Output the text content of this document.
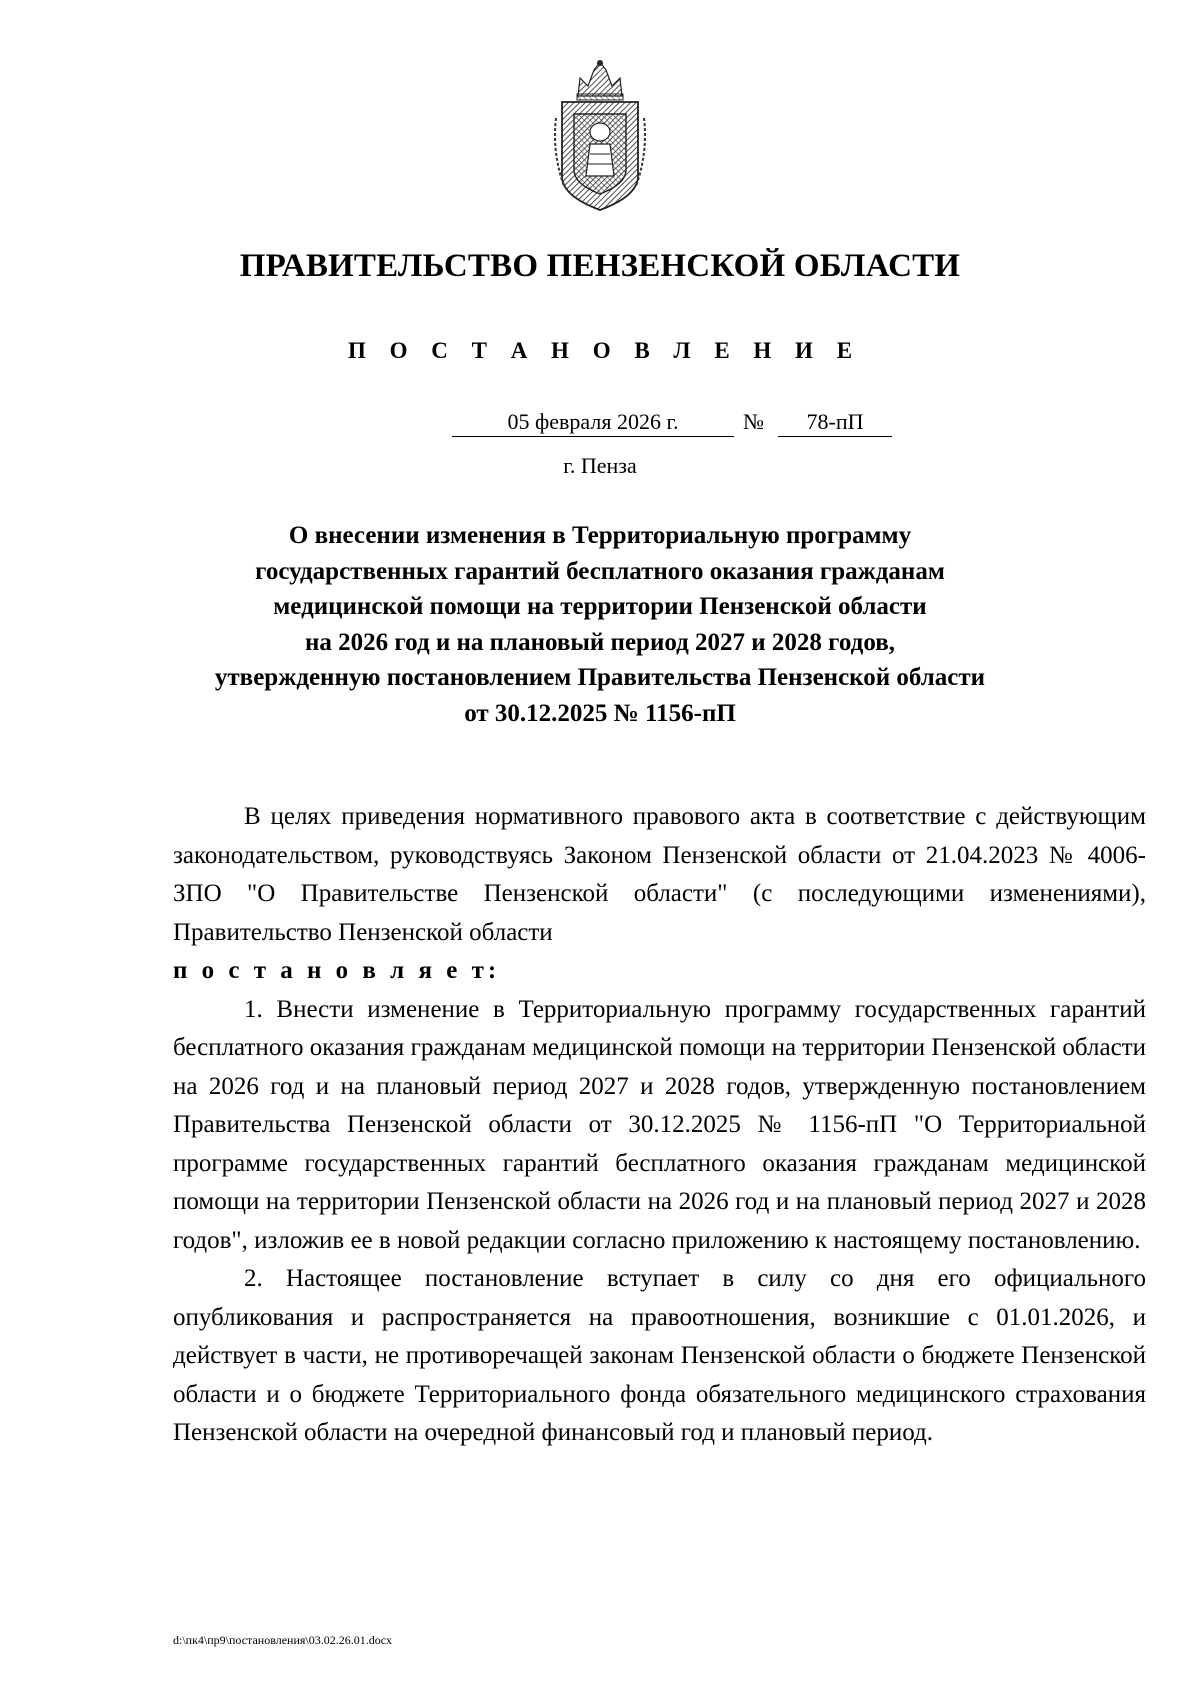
ПРАВИТЕЛЬСТВО ПЕНЗЕНСКОЙ ОБЛАСТИ
П О С Т А Н О В Л Е Н И Е
05 февраля 2026 г.	№	78-пП
г. Пенза
О внесении изменения в Территориальную программу
государственных гарантий бесплатного оказания гражданам
медицинской помощи на территории Пензенской области
на 2026 год и на плановый период 2027 и 2028 годов,
утвержденную постановлением Правительства Пензенской области
от 30.12.2025 № 1156-пП

В целях приведения нормативного правового акта в соответствие с действующим законодательством, руководствуясь Законом Пензенской области от 21.04.2023 № 4006-ЗПО "О Правительстве Пензенской области" (с последующими изменениями), Правительство Пензенской области

п о с т а н о в л я е т:

1. Внести изменение в Территориальную программу государственных гарантий бесплатного оказания гражданам медицинской помощи на территории Пензенской области на 2026 год и на плановый период 2027 и 2028 годов, утвержденную постановлением Правительства Пензенской области от 30.12.2025 № 1156-пП "О Территориальной программе государственных гарантий бесплатного оказания гражданам медицинской помощи на территории Пензенской области на 2026 год и на плановый период 2027 и 2028 годов", изложив ее в новой редакции согласно приложению к настоящему постановлению.

2. Настоящее постановление вступает в силу со дня его официального опубликования и распространяется на правоотношения, возникшие с 01.01.2026, и действует в части, не противоречащей законам Пензенской области о бюджете Пензенской области и о бюджете Территориального фонда обязательного медицинского страхования Пензенской области на очередной финансовый год и плановый период.

d:\пк4\пр9\постановления\03.02.26.01.docx
